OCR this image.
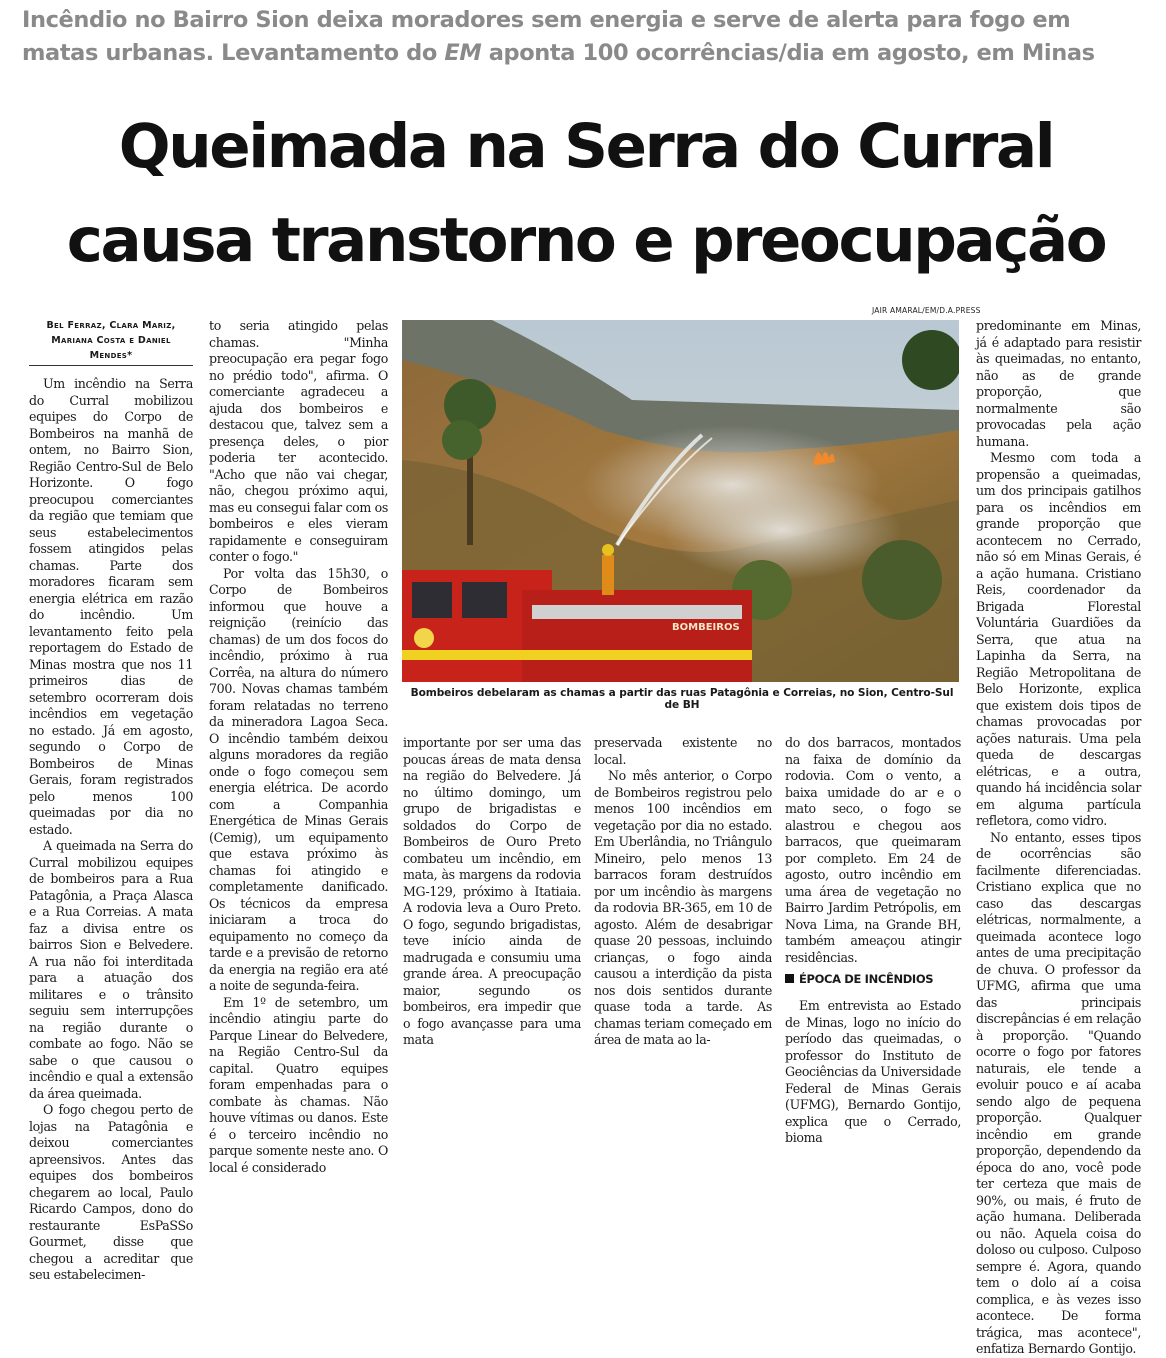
Incêndio no Bairro Sion deixa moradores sem energia e serve de alerta para fogo em
matas urbanas. Levantamento do EM aponta 100 ocorrências/dia em agosto, em Minas
Queimada na Serra do Curral
causa transtorno e preocupação
JAIR AMARAL/EM/D.A.PRESS
Bel Ferraz, Clara Mariz,
Mariana Costa e Daniel Mendes*

Um incêndio na Serra do Curral mobilizou equipes do Corpo de Bombeiros na manhã de ontem, no Bairro Sion, Região Centro-Sul de Belo Horizonte. O fogo preocupou comerciantes da região que temiam que seus estabelecimentos fossem atingidos pelas chamas. Parte dos moradores ficaram sem energia elétrica em razão do incêndio. Um levantamento feito pela reportagem do Estado de Minas mostra que nos 11 primeiros dias de setembro ocorreram dois incêndios em vegetação no estado. Já em agosto, segundo o Corpo de Bombeiros de Minas Gerais, foram registrados pelo menos 100 queimadas por dia no estado.

A queimada na Serra do Curral mobilizou equipes de bombeiros para a Rua Patagônia, a Praça Alasca e a Rua Correias. A mata faz a divisa entre os bairros Sion e Belvedere. A rua não foi interditada para a atuação dos militares e o trânsito seguiu sem interrupções na região durante o combate ao fogo. Não se sabe o que causou o incêndio e qual a extensão da área queimada.

O fogo chegou perto de lojas na Patagônia e deixou comerciantes apreensivos. Antes das equipes dos bombeiros chegarem ao local, Paulo Ricardo Campos, dono do restaurante EsPaSSo Gourmet, disse que chegou a acreditar que seu estabelecimen-

to seria atingido pelas chamas. "Minha preocupação era pegar fogo no prédio todo", afirma. O comerciante agradeceu a ajuda dos bombeiros e destacou que, talvez sem a presença deles, o pior poderia ter acontecido. "Acho que não vai chegar, não, chegou próximo aqui, mas eu consegui falar com os bombeiros e eles vieram rapidamente e conseguiram conter o fogo."

Por volta das 15h30, o Corpo de Bombeiros informou que houve a reignição (reinício das chamas) de um dos focos do incêndio, próximo à rua Corrêa, na altura do número 700. Novas chamas também foram relatadas no terreno da mineradora Lagoa Seca. O incêndio também deixou alguns moradores da região onde o fogo começou sem energia elétrica. De acordo com a Companhia Energética de Minas Gerais (Cemig), um equipamento que estava próximo às chamas foi atingido e completamente danificado. Os técnicos da empresa iniciaram a troca do equipamento no começo da tarde e a previsão de retorno da energia na região era até a noite de segunda-feira.

Em 1º de setembro, um incêndio atingiu parte do Parque Linear do Belvedere, na Região Centro-Sul da capital. Quatro equipes foram empenhadas para o combate às chamas. Não houve vítimas ou danos. Este é o terceiro incêndio no parque somente neste ano. O local é considerado

BOMBEIROS
Bombeiros debelaram as chamas a partir das ruas Patagônia e Correias, no Sion, Centro-Sul de BH

importante por ser uma das poucas áreas de mata densa na região do Belvedere. Já no último domingo, um grupo de brigadistas e soldados do Corpo de Bombeiros de Ouro Preto combateu um incêndio, em mata, às margens da rodovia MG-129, próximo à Itatiaia. A rodovia leva a Ouro Preto. O fogo, segundo brigadistas, teve início ainda de madrugada e consumiu uma grande área. A preocupação maior, segundo os bombeiros, era impedir que o fogo avançasse para uma mata

preservada existente no local.

No mês anterior, o Corpo de Bombeiros registrou pelo menos 100 incêndios em vegetação por dia no estado. Em Uberlândia, no Triângulo Mineiro, pelo menos 13 barracos foram destruídos por um incêndio às margens da rodovia BR-365, em 10 de agosto. Além de desabrigar quase 20 pessoas, incluindo crianças, o fogo ainda causou a interdição da pista nos dois sentidos durante quase toda a tarde. As chamas teriam começado em área de mata ao la-

do dos barracos, montados na faixa de domínio da rodovia. Com o vento, a baixa umidade do ar e o mato seco, o fogo se alastrou e chegou aos barracos, que queimaram por completo. Em 24 de agosto, outro incêndio em uma área de vegetação no Bairro Jardim Petrópolis, em Nova Lima, na Grande BH, também ameaçou atingir residências.

ÉPOCA DE INCÊNDIOS

Em entrevista ao Estado de Minas, logo no início do período das queimadas, o professor do Instituto de Geociências da Universidade Federal de Minas Gerais (UFMG), Bernardo Gontijo, explica que o Cerrado, bioma

predominante em Minas, já é adaptado para resistir às queimadas, no entanto, não as de grande proporção, que normalmente são provocadas pela ação humana.

Mesmo com toda a propensão a queimadas, um dos principais gatilhos para os incêndios em grande proporção que acontecem no Cerrado, não só em Minas Gerais, é a ação humana. Cristiano Reis, coordenador da Brigada Florestal Voluntária Guardiões da Serra, que atua na Lapinha da Serra, na Região Metropolitana de Belo Horizonte, explica que existem dois tipos de chamas provocadas por ações naturais. Uma pela queda de descargas elétricas, e a outra, quando há incidência solar em alguma partícula refletora, como vidro.

No entanto, esses tipos de ocorrências são facilmente diferenciadas. Cristiano explica que no caso das descargas elétricas, normalmente, a queimada acontece logo antes de uma precipitação de chuva. O professor da UFMG, afirma que uma das principais discrepâncias é em relação à proporção. "Quando ocorre o fogo por fatores naturais, ele tende a evoluir pouco e aí acaba sendo algo de pequena proporção. Qualquer incêndio em grande proporção, dependendo da época do ano, você pode ter certeza que mais de 90%, ou mais, é fruto de ação humana. Deliberada ou não. Aquela coisa do doloso ou culposo. Culposo sempre é. Agora, quando tem o dolo aí a coisa complica, e às vezes isso acontece. De forma trágica, mas acontece", enfatiza Bernardo Gontijo.
